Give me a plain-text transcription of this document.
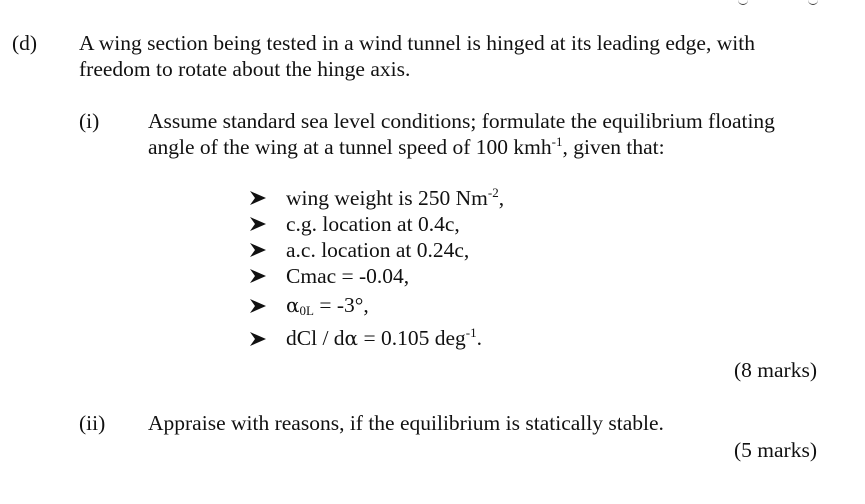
(d) A wing section being tested in a wind tunnel is hinged at its leading edge, with
freedom to rotate about the hinge axis.
(i) Assume standard sea level conditions; formulate the equilibrium floating
angle of the wing at a tunnel speed of 100 kmh$^{-1}$, given that:
wing weight is 250 $Nm^{-2}$,
c.g. location at 0.4c,
a.c. location at 0.24c,
Cmac = -0.04,
$\alpha_{0L} = -3^\circ$,
dCl / dα = 0.105 deg$^{-1}$.
(8 marks)
(ii) Appraise with reasons, if the equilibrium is statically stable.
(5 marks)
